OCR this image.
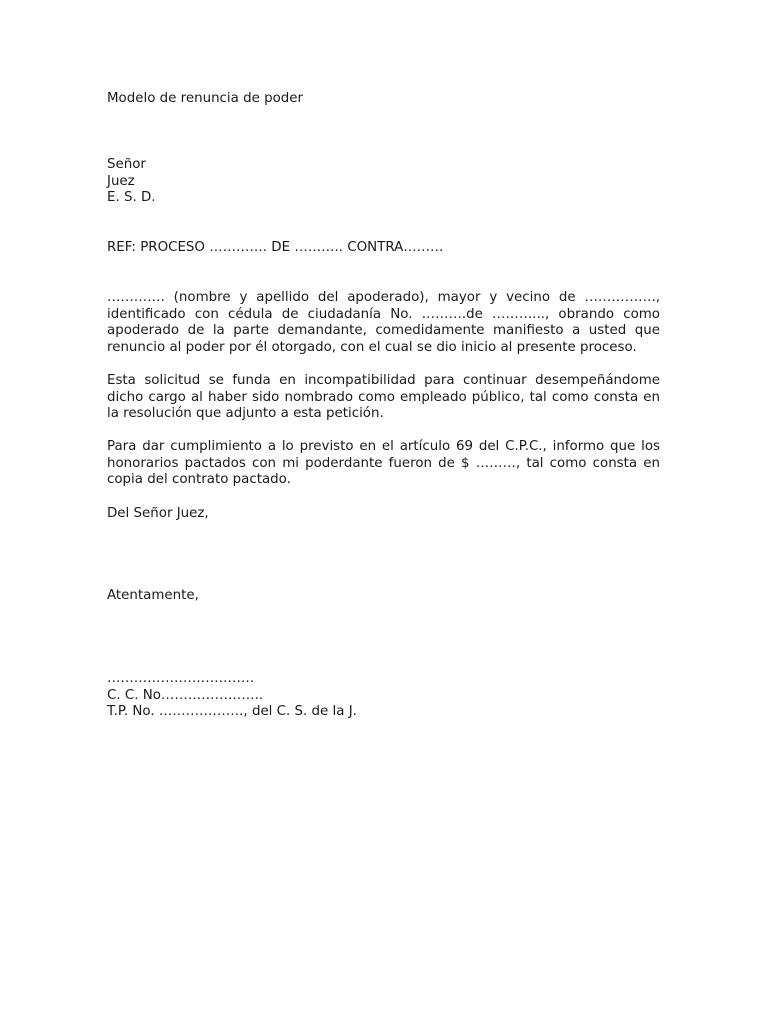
Modelo de renuncia de poder
Señor
Juez
E. S. D.
REF: PROCESO …………. DE ……….. CONTRA………
…………. (nombre y apellido del apoderado), mayor y vecino de ……………., identificado con cédula de ciudadanía No. ……….de ………..., obrando como apoderado de la parte demandante, comedidamente manifiesto a usted que renuncio al poder por él otorgado, con el cual se dio inicio al presente proceso.
Esta solicitud se funda en incompatibilidad para continuar desempeñándome dicho cargo al haber sido nombrado como empleado público, tal como consta en la resolución que adjunto a esta petición.
Para dar cumplimiento a lo previsto en el artículo 69 del C.P.C., informo que los honorarios pactados con mi poderdante fueron de $ ………, tal como consta en copia del contrato pactado.
Del Señor Juez,
Atentamente,
……………………………
C. C. No…………………..
T.P. No. ………………., del C. S. de la J.
